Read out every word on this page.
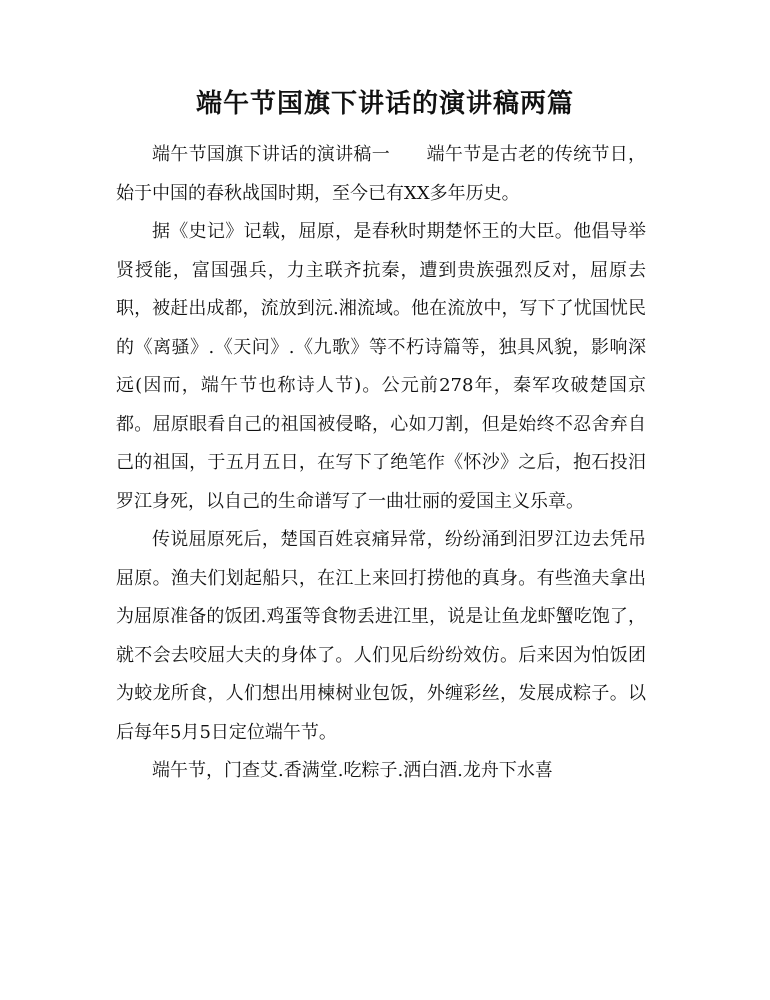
端午节国旗下讲话的演讲稿两篇

端午节国旗下讲话的演讲稿一　　端午节是古老的传统节日，始于中国的春秋战国时期，至今已有XX多年历史。

据《史记》记载，屈原，是春秋时期楚怀王的大臣。他倡导举贤授能，富国强兵，力主联齐抗秦，遭到贵族强烈反对，屈原去职，被赶出成都，流放到沅.湘流域。他在流放中，写下了忧国忧民的《离骚》.《天问》.《九歌》等不朽诗篇等，独具风貌，影响深远(因而，端午节也称诗人节)。公元前278年，秦军攻破楚国京都。屈原眼看自己的祖国被侵略，心如刀割，但是始终不忍舍弃自己的祖国，于五月五日，在写下了绝笔作《怀沙》之后，抱石投汨罗江身死，以自己的生命谱写了一曲壮丽的爱国主义乐章。

传说屈原死后，楚国百姓哀痛异常，纷纷涌到汨罗江边去凭吊屈原。渔夫们划起船只，在江上来回打捞他的真身。有些渔夫拿出为屈原准备的饭团.鸡蛋等食物丢进江里，说是让鱼龙虾蟹吃饱了，就不会去咬屈大夫的身体了。人们见后纷纷效仿。后来因为怕饭团为蛟龙所食，人们想出用楝树业包饭，外缠彩丝，发展成粽子。以后每年5月5日定位端午节。

端午节，门查艾.香满堂.吃粽子.洒白酒.龙舟下水喜
